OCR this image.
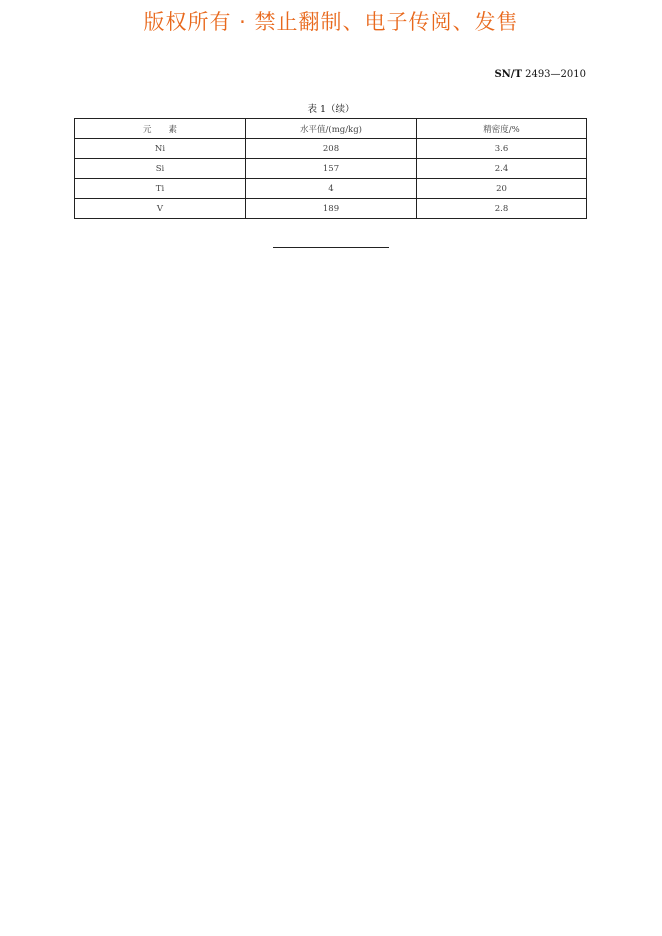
版权所有 · 禁止翻制、电子传阅、发售
SN/T 2493—2010
表 1（续）
元　　素	水平值/(mg/kg)	精密度/%
Ni	208	3.6
Si	157	2.4
Ti	4	20
V	189	2.8
